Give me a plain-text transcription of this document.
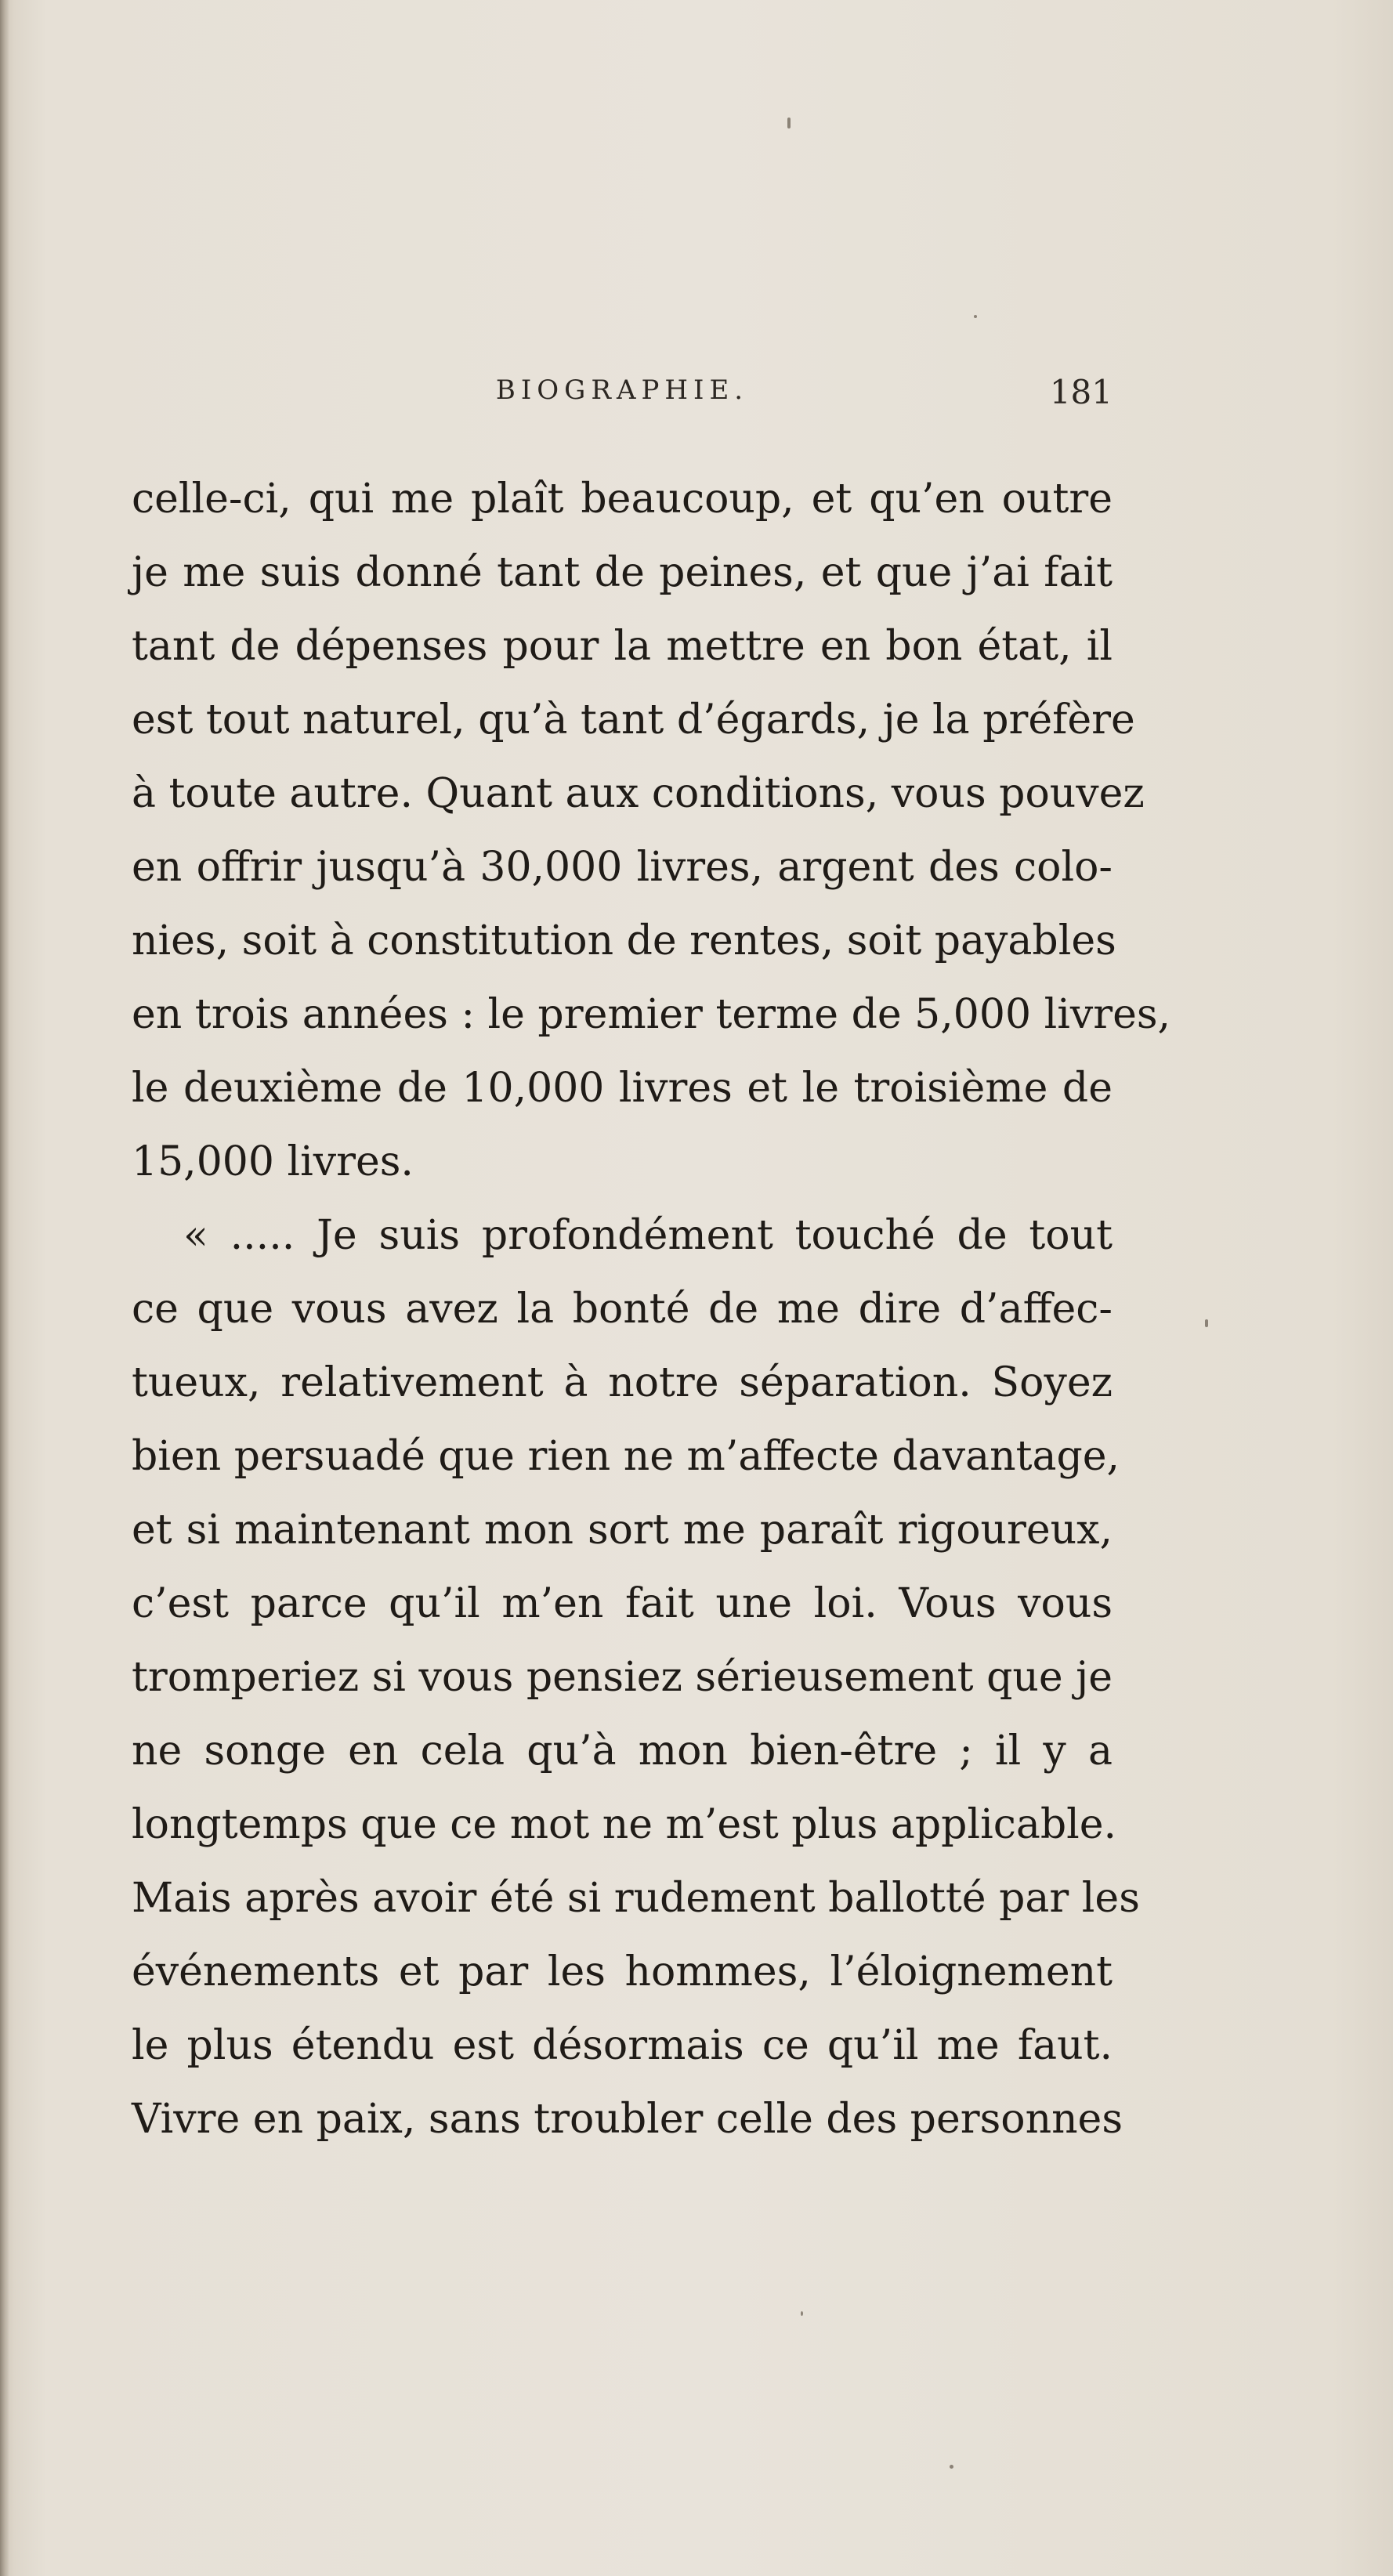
BIOGRAPHIE.	181
celle-ci, qui me plaît beaucoup, et qu’en outre
je me suis donné tant de peines, et que j’ai fait
tant de dépenses pour la mettre en bon état, il
est tout naturel, qu’à tant d’égards, je la préfère
à toute autre. Quant aux conditions, vous pouvez
en offrir jusqu’à 30,000 livres, argent des colo-
nies, soit à constitution de rentes, soit payables
en trois années : le premier terme de 5,000 livres,
le deuxième de 10,000 livres et le troisième de
15,000 livres.
« ..... Je suis profondément touché de tout
ce que vous avez la bonté de me dire d’affec-
tueux, relativement à notre séparation. Soyez
bien persuadé que rien ne m’affecte davantage,
et si maintenant mon sort me paraît rigoureux,
c’est parce qu’il m’en fait une loi. Vous vous
tromperiez si vous pensiez sérieusement que je
ne songe en cela qu’à mon bien-être ; il y a
longtemps que ce mot ne m’est plus applicable.
Mais après avoir été si rudement ballotté par les
événements et par les hommes, l’éloignement
le plus étendu est désormais ce qu’il me faut.
Vivre en paix, sans troubler celle des personnes
